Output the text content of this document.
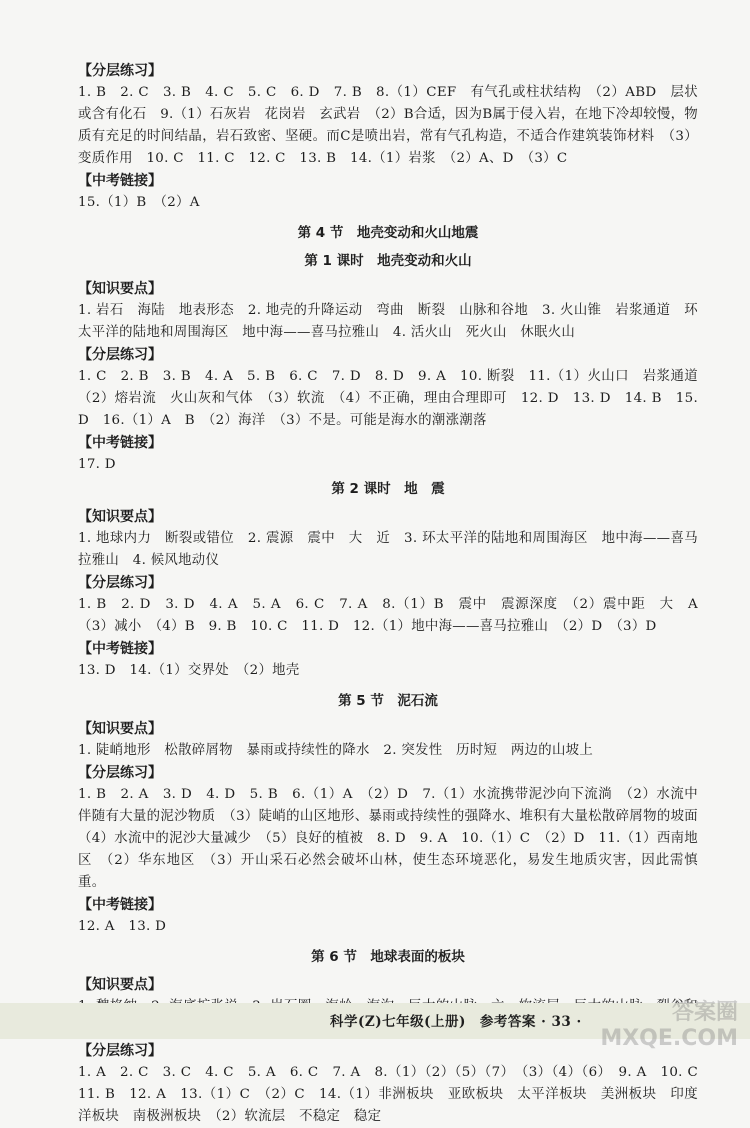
【分层练习】

1. B　2. C　3. B　4. C　5. C　6. D　7. B　8.（1）CEF　有气孔或柱状结构　（2）ABD　层状或含有化石　9.（1）石灰岩　花岗岩　玄武岩　（2）B合适，因为B属于侵入岩，在地下冷却较慢，物质有充足的时间结晶，岩石致密、坚硬。而C是喷出岩，常有气孔构造，不适合作建筑装饰材料　（3）变质作用　10. C　11. C　12. C　13. B　14.（1）岩浆　（2）A、D　（3）C

【中考链接】

15.（1）B　（2）A

第 4 节　地壳变动和火山地震

第 1 课时　地壳变动和火山

【知识要点】

1. 岩石　海陆　地表形态　2. 地壳的升降运动　弯曲　断裂　山脉和谷地　3. 火山锥　岩浆通道　环太平洋的陆地和周围海区　地中海——喜马拉雅山　4. 活火山　死火山　休眠火山

【分层练习】

1. C　2. B　3. B　4. A　5. B　6. C　7. D　8. D　9. A　10. 断裂　11.（1）火山口　岩浆通道　（2）熔岩流　火山灰和气体　（3）软流　（4）不正确，理由合理即可　12. D　13. D　14. B　15. D　16.（1）A　B　（2）海洋　（3）不是。可能是海水的潮涨潮落

【中考链接】

17. D

第 2 课时　地　震

【知识要点】

1. 地球内力　断裂或错位　2. 震源　震中　大　近　3. 环太平洋的陆地和周围海区　地中海——喜马拉雅山　4. 候风地动仪

【分层练习】

1. B　2. D　3. D　4. A　5. A　6. C　7. A　8.（1）B　震中　震源深度　（2）震中距　大　A　（3）减小　（4）B　9. B　10. C　11. D　12.（1）地中海——喜马拉雅山　（2）D　（3）D

【中考链接】

13. D　14.（1）交界处　（2）地壳

第 5 节　泥石流

【知识要点】

1. 陡峭地形　松散碎屑物　暴雨或持续性的降水　2. 突发性　历时短　两边的山坡上

【分层练习】

1. B　2. A　3. D　4. D　5. B　6.（1）A　（2）D　7.（1）水流携带泥沙向下流淌　（2）水流中伴随有大量的泥沙物质　（3）陡峭的山区地形、暴雨或持续性的强降水、堆积有大量松散碎屑物的坡面　（4）水流中的泥沙大量减少　（5）良好的植被　8. D　9. A　10.（1）C　（2）D　11.（1）西南地区　（2）华东地区　（3）开山采石必然会破坏山林，使生态环境恶化，易发生地质灾害，因此需慎重。

【中考链接】

12. A　13. D

第 6 节　地球表面的板块

【知识要点】

【分层练习】

1. A　2. C　3. C　4. C　5. A　6. C　7. A　8.（1）（2）（5）（7）　（3）（4）（6）　9. A　10. C　11. B　12. A　13.（1）C　（2）C　14.（1）非洲板块　亚欧板块　太平洋板块　美洲板块　印度洋板块　南极洲板块　（2）软流层　不稳定　稳定

科学(Z)七年级(上册)　参考答案 · 33 ·	答案圈
MXQE.COM
